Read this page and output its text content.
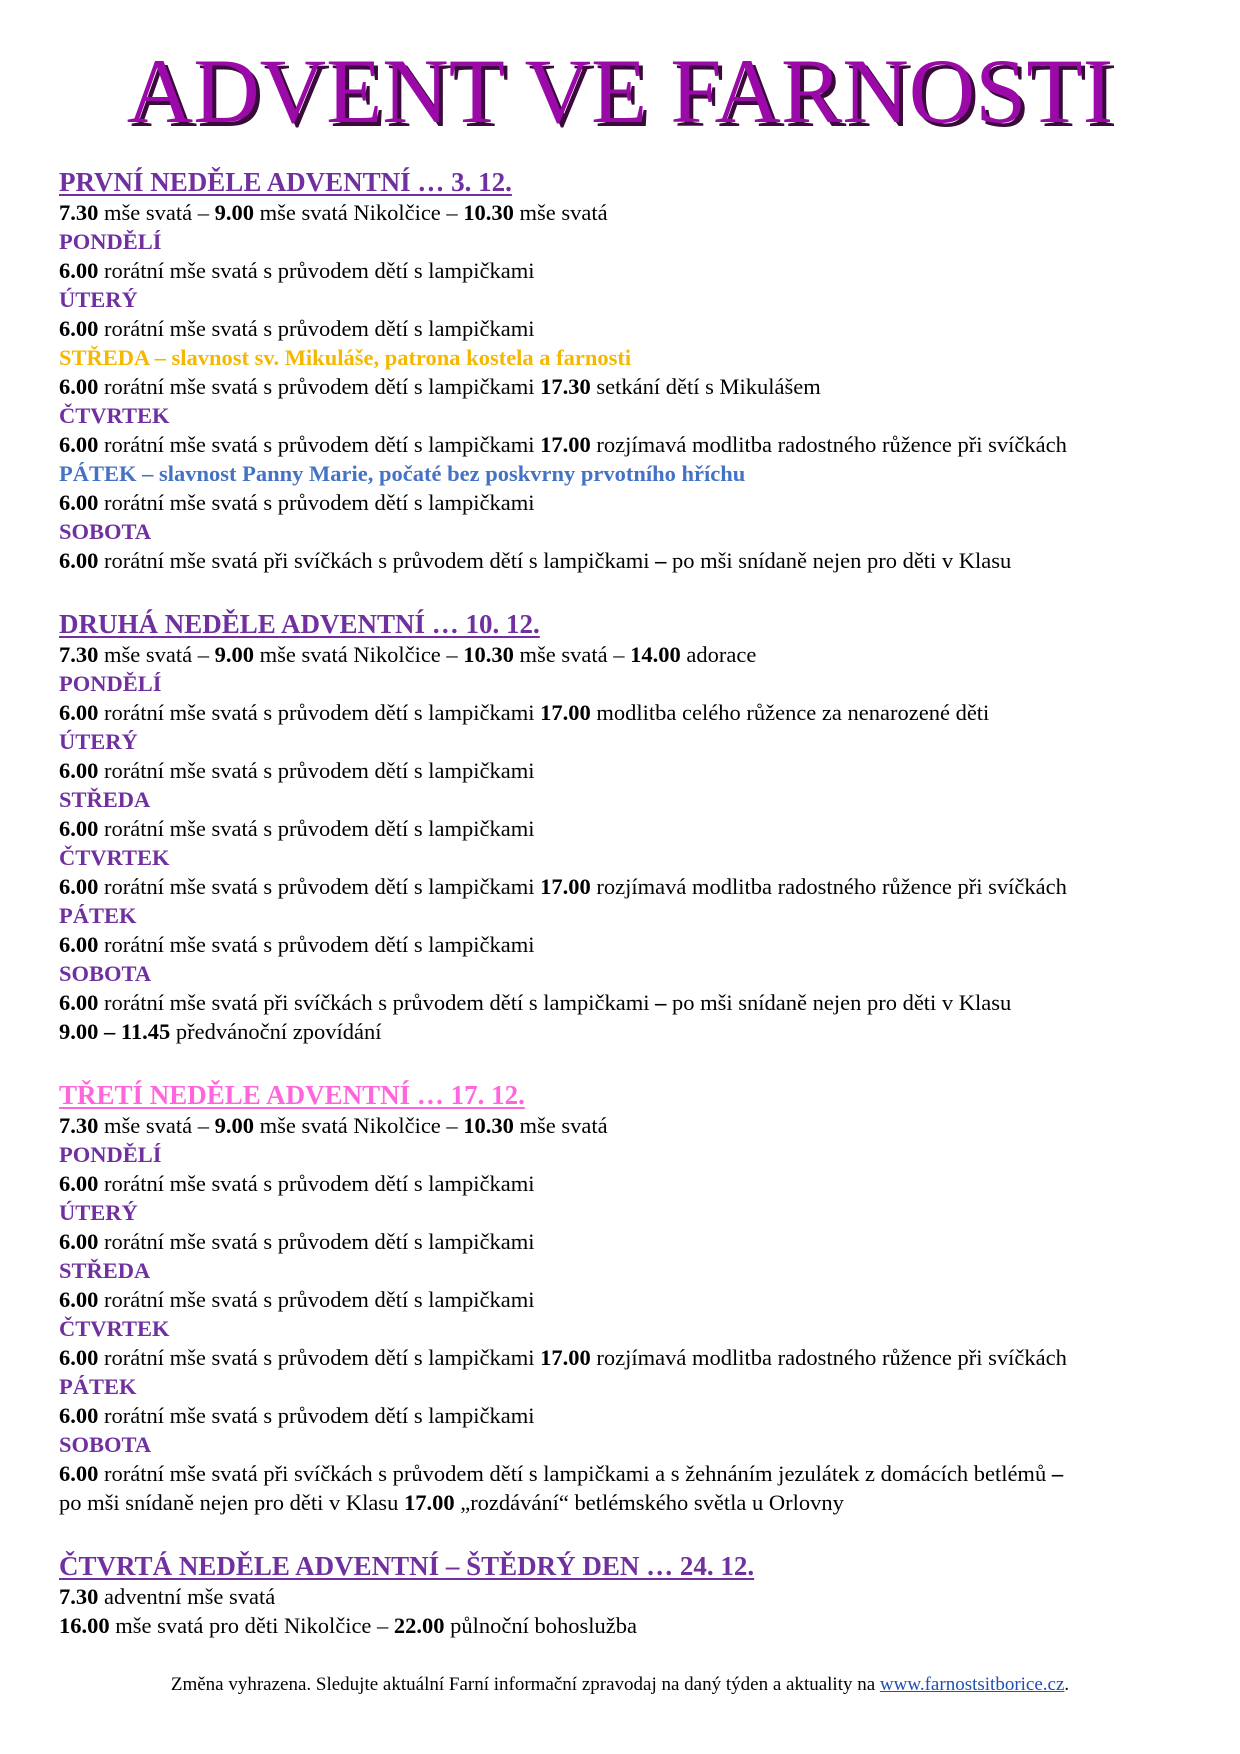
ADVENT VE FARNOSTI
PRVNÍ NEDĚLE ADVENTNÍ … 3. 12.
7.30 mše svatá – 9.00 mše svatá Nikolčice – 10.30 mše svatá
PONDĚLÍ
6.00 rorátní mše svatá s průvodem dětí s lampičkami
ÚTERÝ
6.00 rorátní mše svatá s průvodem dětí s lampičkami
STŘEDA – slavnost sv. Mikuláše, patrona kostela a farnosti
6.00 rorátní mše svatá s průvodem dětí s lampičkami 17.30 setkání dětí s Mikulášem
ČTVRTEK
6.00 rorátní mše svatá s průvodem dětí s lampičkami 17.00 rozjímavá modlitba radostného růžence při svíčkách
PÁTEK – slavnost Panny Marie, počaté bez poskvrny prvotního hříchu
6.00 rorátní mše svatá s průvodem dětí s lampičkami
SOBOTA
6.00 rorátní mše svatá při svíčkách s průvodem dětí s lampičkami – po mši snídaně nejen pro děti v Klasu
DRUHÁ NEDĚLE ADVENTNÍ … 10. 12.
7.30 mše svatá – 9.00 mše svatá Nikolčice – 10.30 mše svatá – 14.00 adorace
PONDĚLÍ
6.00 rorátní mše svatá s průvodem dětí s lampičkami 17.00 modlitba celého růžence za nenarozené děti
ÚTERÝ
6.00 rorátní mše svatá s průvodem dětí s lampičkami
STŘEDA
6.00 rorátní mše svatá s průvodem dětí s lampičkami
ČTVRTEK
6.00 rorátní mše svatá s průvodem dětí s lampičkami 17.00 rozjímavá modlitba radostného růžence při svíčkách
PÁTEK
6.00 rorátní mše svatá s průvodem dětí s lampičkami
SOBOTA
6.00 rorátní mše svatá při svíčkách s průvodem dětí s lampičkami – po mši snídaně nejen pro děti v Klasu
9.00 – 11.45 předvánoční zpovídání
TŘETÍ NEDĚLE ADVENTNÍ … 17. 12.
7.30 mše svatá – 9.00 mše svatá Nikolčice – 10.30 mše svatá
PONDĚLÍ
6.00 rorátní mše svatá s průvodem dětí s lampičkami
ÚTERÝ
6.00 rorátní mše svatá s průvodem dětí s lampičkami
STŘEDA
6.00 rorátní mše svatá s průvodem dětí s lampičkami
ČTVRTEK
6.00 rorátní mše svatá s průvodem dětí s lampičkami 17.00 rozjímavá modlitba radostného růžence při svíčkách
PÁTEK
6.00 rorátní mše svatá s průvodem dětí s lampičkami
SOBOTA
6.00 rorátní mše svatá při svíčkách s průvodem dětí s lampičkami a s žehnáním jezulátek z domácích betlémů –
po mši snídaně nejen pro děti v Klasu 17.00 „rozdávání“ betlémského světla u Orlovny
ČTVRTÁ NEDĚLE ADVENTNÍ – ŠTĚDRÝ DEN … 24. 12.
7.30 adventní mše svatá
16.00 mše svatá pro děti Nikolčice – 22.00 půlnoční bohoslužba
Změna vyhrazena. Sledujte aktuální Farní informační zpravodaj na daný týden a aktuality na www.farnostsitborice.cz.
